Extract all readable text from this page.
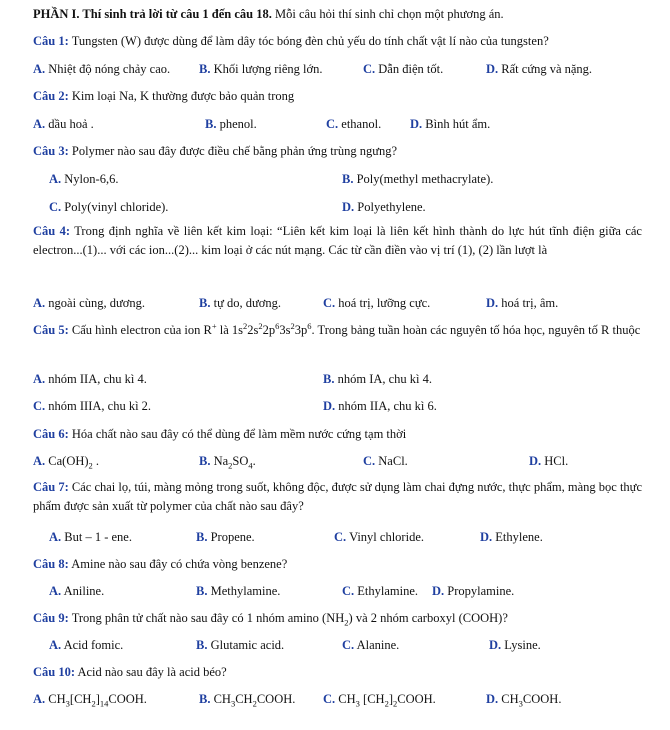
PHẦN I. Thí sinh trả lời từ câu 1 đến câu 18. Mỗi câu hỏi thí sinh chỉ chọn một phương án.
Câu 1: Tungsten (W) được dùng để làm dây tóc bóng đèn chủ yếu do tính chất vật lí nào của tungsten?
A. Nhiệt độ nóng chảy cao. B. Khối lượng riêng lớn.	C. Dẫn điện tốt.	D. Rất cứng và nặng.
Câu 2: Kim loại Na, K thường được bảo quản trong
A. dầu hoả .	B. phenol.	C. ethanol. D. Bình hút ẩm.
Câu 3: Polymer nào sau đây được điều chế bằng phản ứng trùng ngưng?
A. Nylon-6,6.	B. Poly(methyl methacrylate).
C. Poly(vinyl chloride).	D. Polyethylene.
Câu 4: Trong định nghĩa về liên kết kim loại: “Liên kết kim loại là liên kết hình thành do lực hút tĩnh điện giữa các electron...(1)... với các ion...(2)... kim loại ở các nút mạng. Các từ cần điền vào vị trí (1), (2) lần lượt là
A. ngoài cùng, dương.	B. tự do, dương.	C. hoá trị, lưỡng cực.	D. hoá trị, âm.
Câu 5: Cấu hình electron của ion R+ là $1s^22s^22p^63s^23p^6$. Trong bảng tuần hoàn các nguyên tố hóa học, nguyên tố R thuộc
A. nhóm IIA, chu kì 4.	B. nhóm IA, chu kì 4.
C. nhóm IIIA, chu kì 2.	D. nhóm IIA, chu kì 6.
Câu 6: Hóa chất nào sau đây có thể dùng để làm mềm nước cứng tạm thời
A. $Ca(OH)_2$ .	B. $Na_2SO_4$.	C. NaCl.	D. HCl.
Câu 7: Các chai lọ, túi, màng mỏng trong suốt, không độc, được sử dụng làm chai đựng nước, thực phẩm, màng bọc thực phẩm được sản xuất từ polymer của chất nào sau đây?
A. But – 1 - ene.	B. Propene.	C. Vinyl chloride.	D. Ethylene.
Câu 8: Amine nào sau đây có chứa vòng benzene?
A. Aniline.	B. Methylamine.	C. Ethylamine. D. Propylamine.
Câu 9: Trong phân tử chất nào sau đây có 1 nhóm amino $(NH_2)$ và 2 nhóm carboxyl (COOH)?
A. Acid fomic.	B. Glutamic acid.	C. Alanine.	D. Lysine.
Câu 10: Acid nào sau đây là acid béo?
A. $CH_3[CH_2]_{14}COOH$.	B. $CH_3CH_2COOH$. C. $CH_3$ $[CH_2]_2COOH$.	D. $CH_3COOH$.
